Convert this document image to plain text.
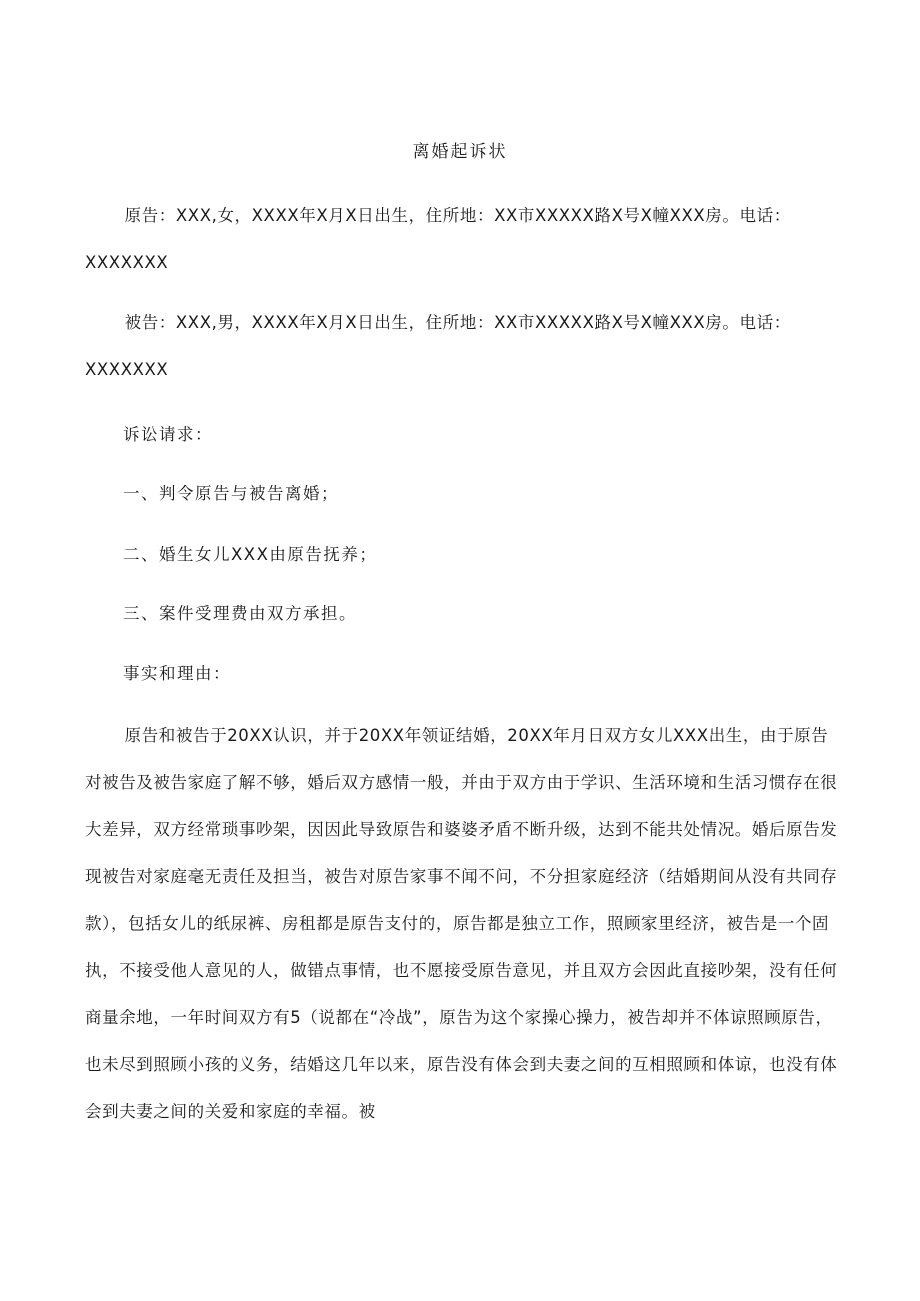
离婚起诉状

原告：XXX,女，XXXX年X月X日出生，住所地：XX市XXXXX路X号X幢XXX房。电话：XXXXXXX

被告：XXX,男，XXXX年X月X日出生，住所地：XX市XXXXX路X号X幢XXX房。电话：XXXXXXX

诉讼请求：
一、判令原告与被告离婚；
二、婚生女儿XXX由原告抚养；
三、案件受理费由双方承担。
事实和理由：

原告和被告于20XX认识，并于20XX年领证结婚，20XX年月日双方女儿XXX出生，由于原告对被告及被告家庭了解不够，婚后双方感情一般，并由于双方由于学识、生活环境和生活习惯存在很大差异，双方经常琐事吵架，因因此导致原告和婆婆矛盾不断升级，达到不能共处情况。婚后原告发现被告对家庭毫无责任及担当，被告对原告家事不闻不问，不分担家庭经济（结婚期间从没有共同存款），包括女儿的纸尿裤、房租都是原告支付的，原告都是独立工作，照顾家里经济，被告是一个固执，不接受他人意见的人，做错点事情，也不愿接受原告意见，并且双方会因此直接吵架，没有任何商量余地，一年时间双方有5（说都在“冷战”，原告为这个家操心操力，被告却并不体谅照顾原告，也未尽到照顾小孩的义务，结婚这几年以来，原告没有体会到夫妻之间的互相照顾和体谅，也没有体会到夫妻之间的关爱和家庭的幸福。被
